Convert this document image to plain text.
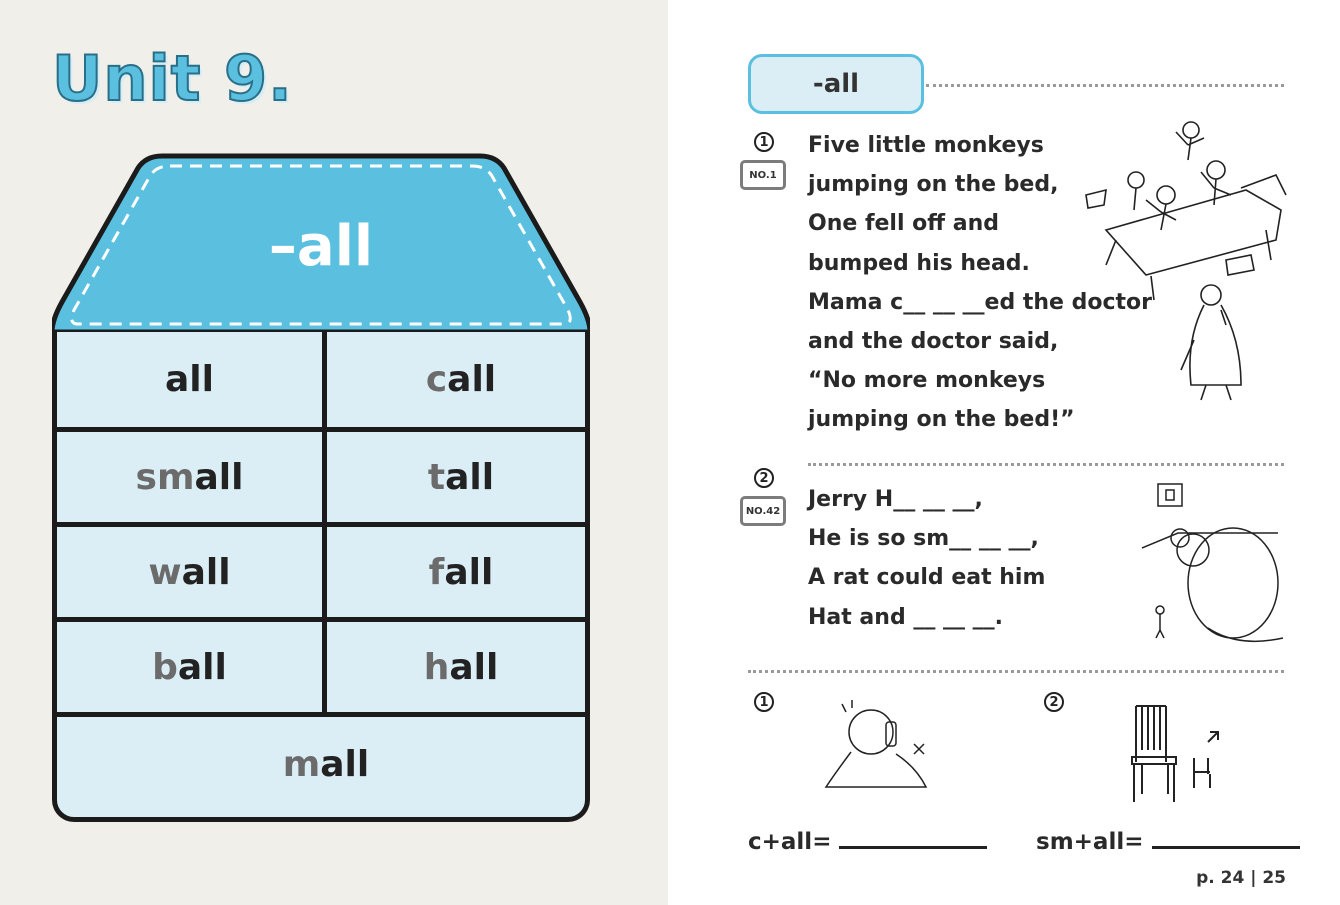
Unit 9.
–all
all	c all
sm all	t all
w all	f all
b all	h all
m all
-all
1
NO.1
Five little monkeys
jumping on the bed,
One fell off and
bumped his head.
Mama c__ __ __ed the doctor
and the doctor said,
“No more monkeys
jumping on the bed!”
2
NO.42 Jerry H__ __ __,
He is so sm__ __ __,
A rat could eat him
Hat and __ __ __.
1
c+all=
2
sm+all=
p. 24 | 25
